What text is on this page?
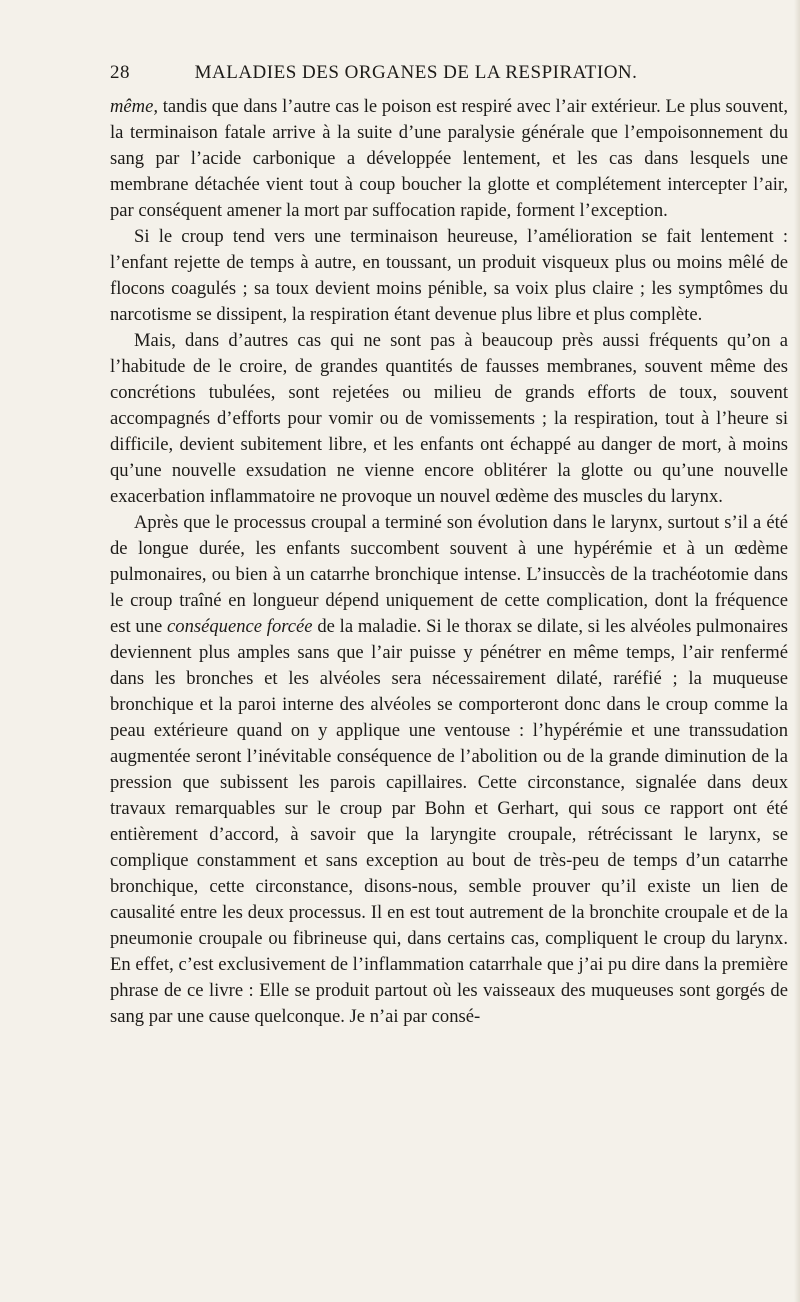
28	MALADIES DES ORGANES DE LA RESPIRATION.

même, tandis que dans l’autre cas le poison est respiré avec l’air extérieur. Le plus souvent, la terminaison fatale arrive à la suite d’une paralysie générale que l’empoisonnement du sang par l’acide carbonique a développée lentement, et les cas dans lesquels une membrane détachée vient tout à coup boucher la glotte et complétement intercepter l’air, par conséquent amener la mort par suffocation rapide, forment l’exception.

Si le croup tend vers une terminaison heureuse, l’amélioration se fait lentement : l’enfant rejette de temps à autre, en toussant, un produit visqueux plus ou moins mêlé de flocons coagulés ; sa toux devient moins pénible, sa voix plus claire ; les symptômes du narcotisme se dissipent, la respiration étant devenue plus libre et plus complète.

Mais, dans d’autres cas qui ne sont pas à beaucoup près aussi fréquents qu’on a l’habitude de le croire, de grandes quantités de fausses membranes, souvent même des concrétions tubulées, sont rejetées ou milieu de grands efforts de toux, souvent accompagnés d’efforts pour vomir ou de vomissements ; la respiration, tout à l’heure si difficile, devient subitement libre, et les enfants ont échappé au danger de mort, à moins qu’une nouvelle exsudation ne vienne encore oblitérer la glotte ou qu’une nouvelle exacerbation inflammatoire ne provoque un nouvel œdème des muscles du larynx.

Après que le processus croupal a terminé son évolution dans le larynx, surtout s’il a été de longue durée, les enfants succombent souvent à une hypérémie et à un œdème pulmonaires, ou bien à un catarrhe bronchique intense. L’insuccès de la trachéotomie dans le croup traîné en longueur dépend uniquement de cette complication, dont la fréquence est une conséquence forcée de la maladie. Si le thorax se dilate, si les alvéoles pulmonaires deviennent plus amples sans que l’air puisse y pénétrer en même temps, l’air renfermé dans les bronches et les alvéoles sera nécessairement dilaté, raréfié ; la muqueuse bronchique et la paroi interne des alvéoles se comporteront donc dans le croup comme la peau extérieure quand on y applique une ventouse : l’hypérémie et une transsudation augmentée seront l’inévitable conséquence de l’abolition ou de la grande diminution de la pression que subissent les parois capillaires. Cette circonstance, signalée dans deux travaux remarquables sur le croup par Bohn et Gerhart, qui sous ce rapport ont été entièrement d’accord, à savoir que la laryngite croupale, rétrécissant le larynx, se complique constamment et sans exception au bout de très-peu de temps d’un catarrhe bronchique, cette circonstance, disons-nous, semble prouver qu’il existe un lien de causalité entre les deux processus. Il en est tout autrement de la bronchite croupale et de la pneumonie croupale ou fibrineuse qui, dans certains cas, compliquent le croup du larynx. En effet, c’est exclusivement de l’inflammation catarrhale que j’ai pu dire dans la première phrase de ce livre : Elle se produit partout où les vaisseaux des muqueuses sont gorgés de sang par une cause quelconque. Je n’ai par consé-
